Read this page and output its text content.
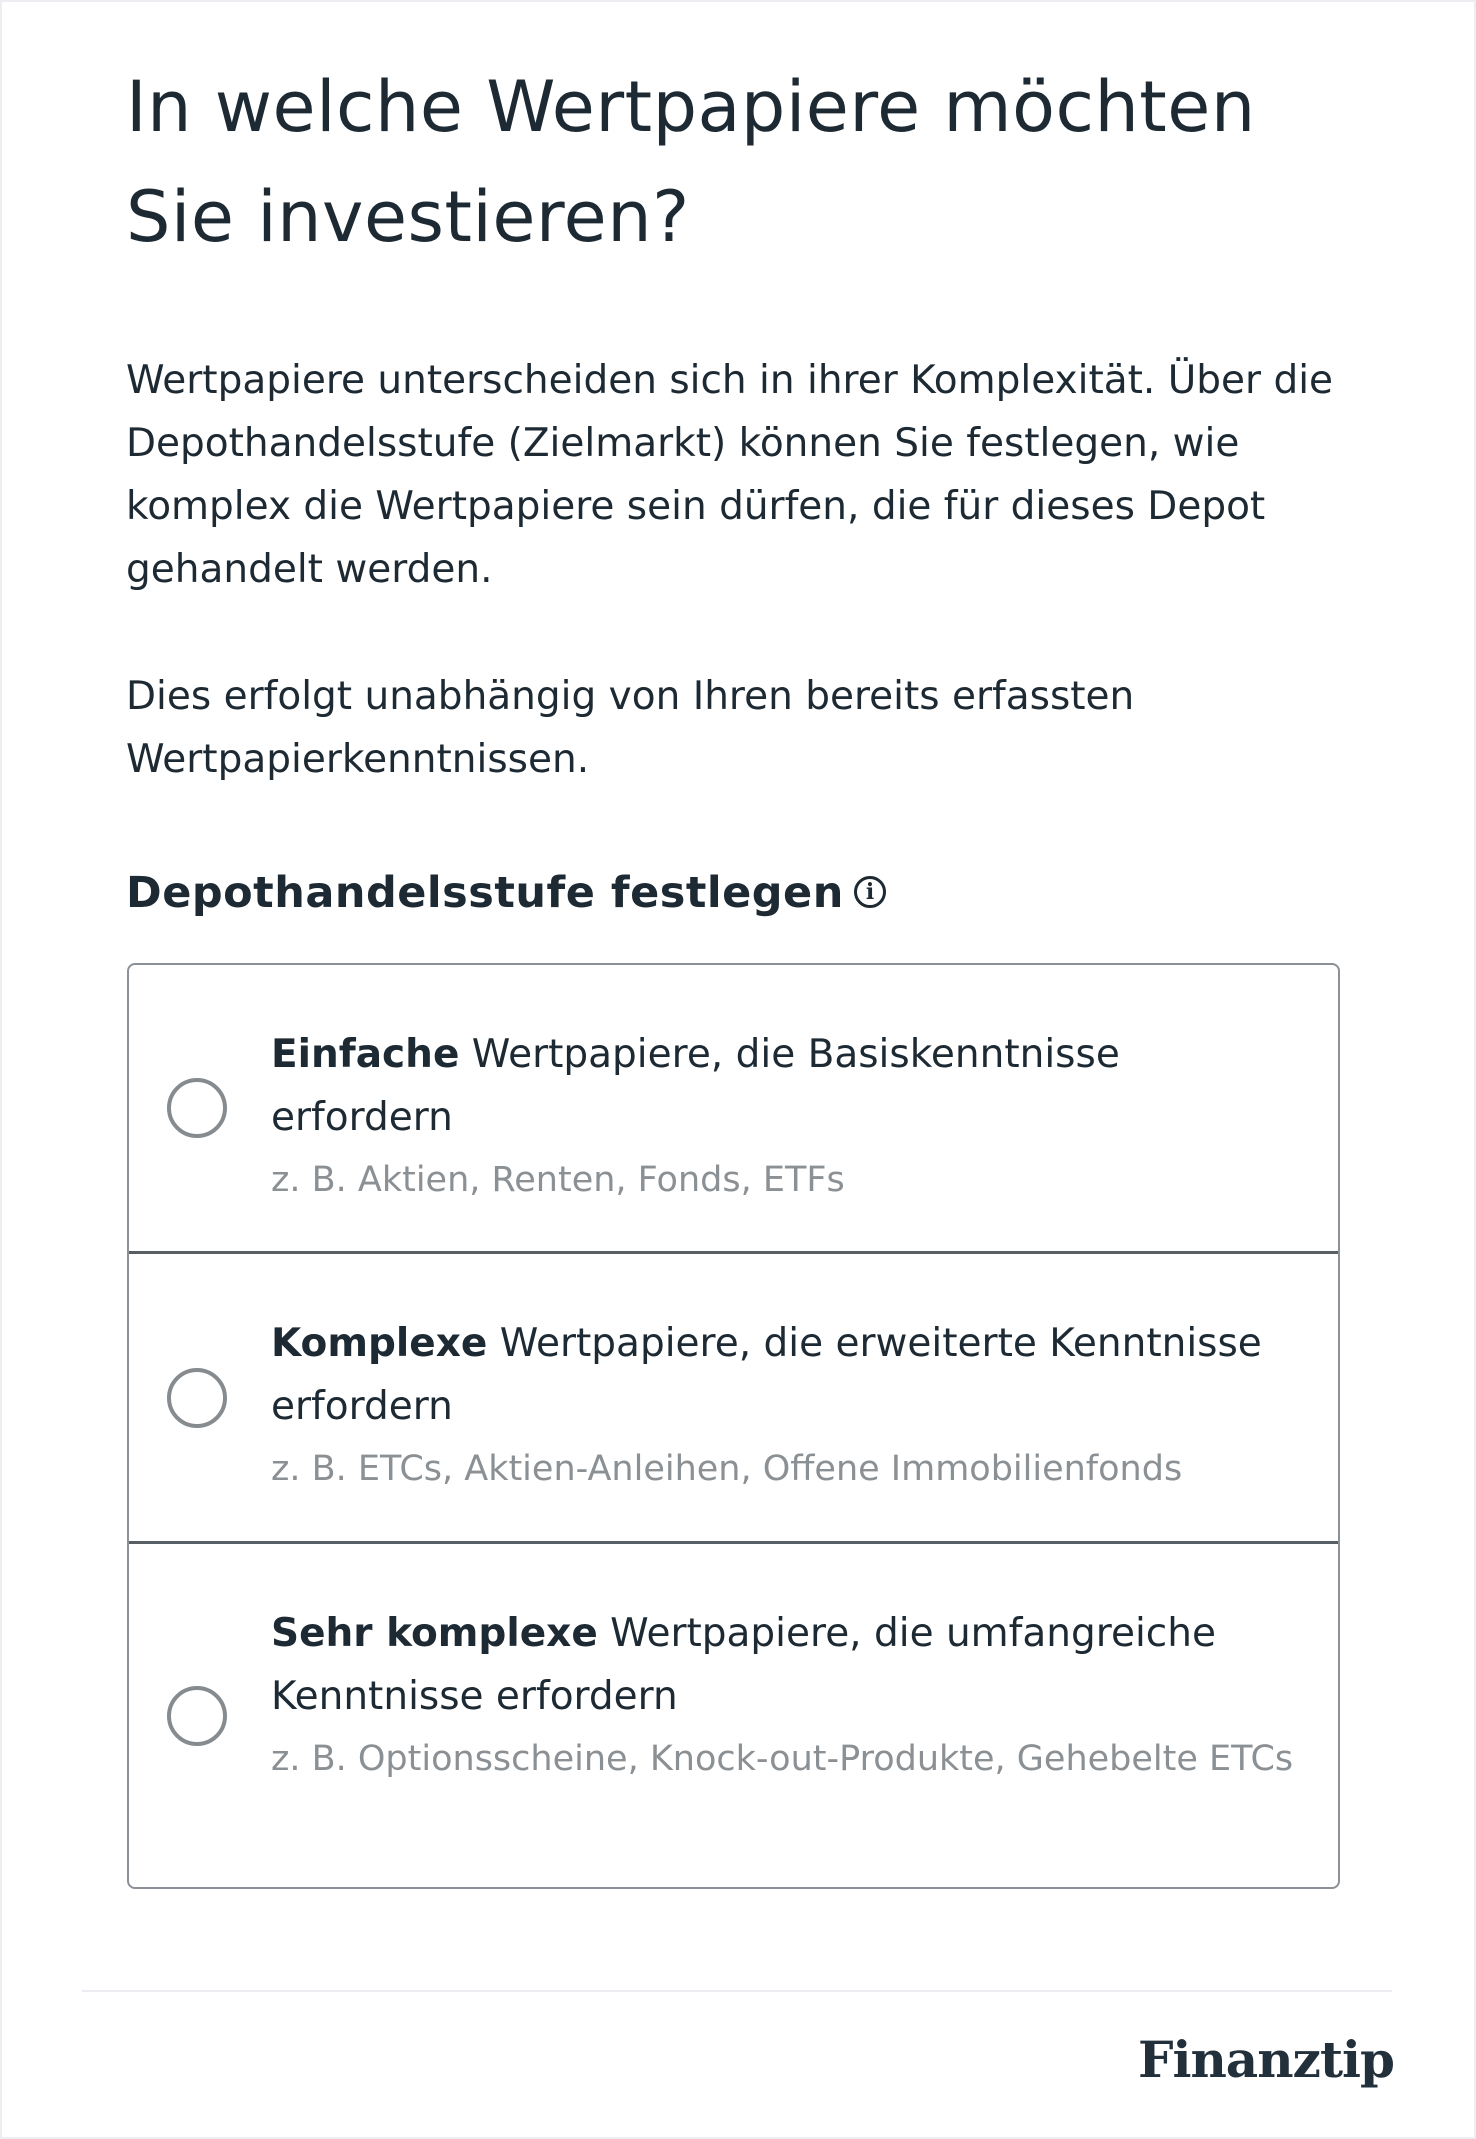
In welche Wertpapiere möchten Sie investieren?

Wertpapiere unterscheiden sich in ihrer Komplexität. Über die Depothandelsstufe (Zielmarkt) können Sie festlegen, wie komplex die Wertpapiere sein dürfen, die für dieses Depot gehandelt werden.

Dies erfolgt unabhängig von Ihren bereits erfassten Wertpapierkenntnissen.

Depothandelsstufe festlegen i
Einfache Wertpapiere, die Basiskenntnisse erfordern
z. B. Aktien, Renten, Fonds, ETFs
Komplexe Wertpapiere, die erweiterte Kenntnisse erfordern
z. B. ETCs, Aktien-Anleihen, Offene Immobilienfonds
Sehr komplexe Wertpapiere, die umfangreiche Kenntnisse erfordern
z. B. Optionsscheine, Knock-out-Produkte, Gehebelte ETCs
Finanztip
